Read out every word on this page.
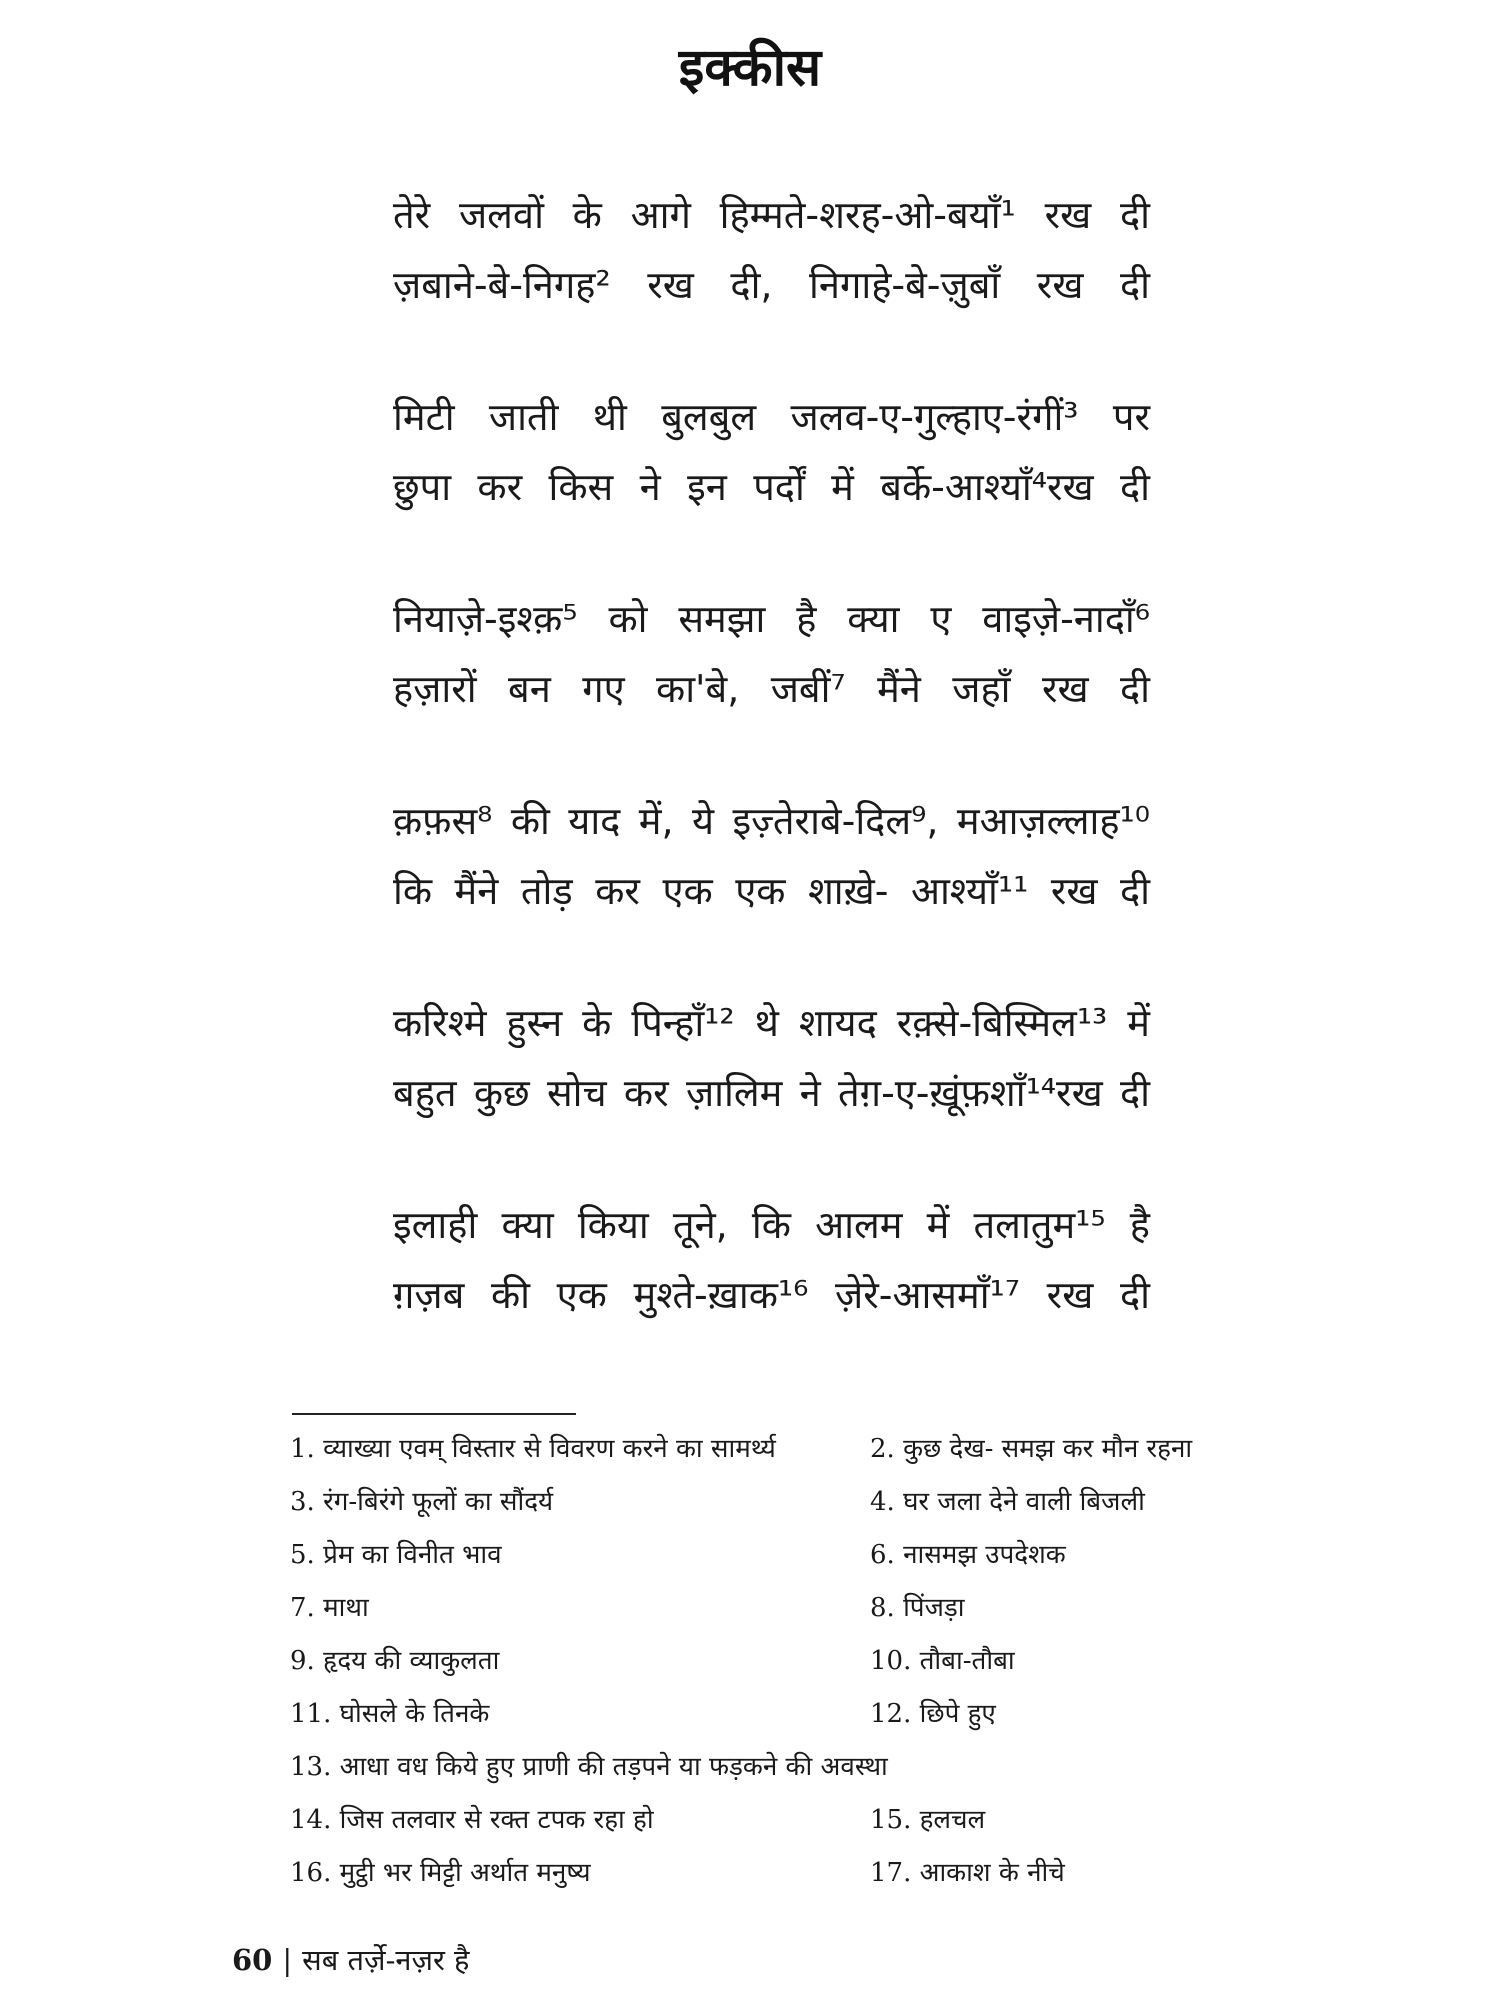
इक्कीस
तेरे जलवों के आगे हिम्मते-शरह-ओ-बयाँ¹ रख दी
ज़बाने-बे-निगह² रख दी, निगाहे-बे-ज़ुबाँ रख दी
मिटी जाती थी बुलबुल जलव-ए-गुल्हाए-रंगीं³ पर
छुपा कर किस ने इन पर्दों में बर्के-आश्याँ⁴रख दी
नियाज़े-इश्क़⁵ को समझा है क्या ए वाइज़े-नादाँ⁶
हज़ारों बन गए का'बे, जबीं⁷ मैंने जहाँ रख दी
क़फ़स⁸ की याद में, ये इज़्तेराबे-दिल⁹, मआज़ल्लाह¹⁰
कि मैंने तोड़ कर एक एक शाख़े- आश्याँ¹¹ रख दी
करिश्मे हुस्न के पिन्हाँ¹² थे शायद रक़्से-बिस्मिल¹³ में
बहुत कुछ सोच कर ज़ालिम ने तेग़-ए-ख़ूंफ़शाँ¹⁴रख दी
इलाही क्या किया तूने, कि आलम में तलातुम¹⁵ है
ग़ज़ब की एक मुश्ते-ख़ाक¹⁶ ज़ेरे-आसमाँ¹⁷ रख दी
1. व्याख्या एवम् विस्तार से विवरण करने का सामर्थ्य	2. कुछ देख- समझ कर मौन रहना
3. रंग-बिरंगे फूलों का सौंदर्य	4. घर जला देने वाली बिजली
5. प्रेम का विनीत भाव	6. नासमझ उपदेशक
7. माथा	8. पिंजड़ा
9. हृदय की व्याकुलता	10. तौबा-तौबा
11. घोसले के तिनके	12. छिपे हुए
13. आधा वध किये हुए प्राणी की तड़पने या फड़कने की अवस्था
14. जिस तलवार से रक्त टपक रहा हो	15. हलचल
16. मुट्ठी भर मिट्टी अर्थात मनुष्य	17. आकाश के नीचे
60 | सब तर्ज़े-नज़र है
